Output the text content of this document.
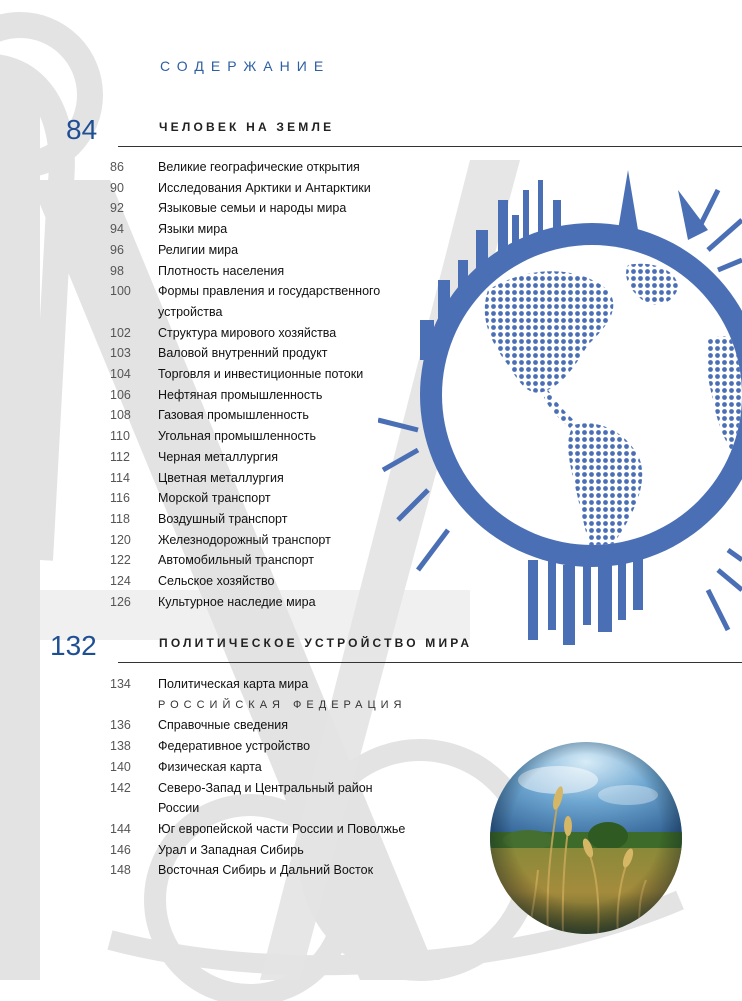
СОДЕРЖАНИЕ
84	ЧЕЛОВЕК НА ЗЕМЛЕ
86	Великие географические открытия
90	Исследования Арктики и Антарктики
92	Языковые семьи и народы мира
94	Языки мира
96	Религии мира
98	Плотность населения
100	Формы правления и государственного
устройства
102	Структура мирового хозяйства
103	Валовой внутренний продукт
104	Торговля и инвестиционные потоки
106	Нефтяная промышленность
108	Газовая промышленность
110	Угольная промышленность
112	Черная металлургия
114	Цветная металлургия
116	Морской транспорт
118	Воздушный транспорт
120	Железнодорожный транспорт
122	Автомобильный транспорт
124	Сельское хозяйство
126	Культурное наследие мира
132	ПОЛИТИЧЕСКОЕ УСТРОЙСТВО МИРА
134	Политическая карта мира
РОССИЙСКАЯ ФЕДЕРАЦИЯ
136	Справочные сведения
138	Федеративное устройство
140	Физическая карта
142	Северо-Запад и Центральный район России
144	Юг европейской части России и Поволжье
146	Урал и Западная Сибирь
148	Восточная Сибирь и Дальний Восток
